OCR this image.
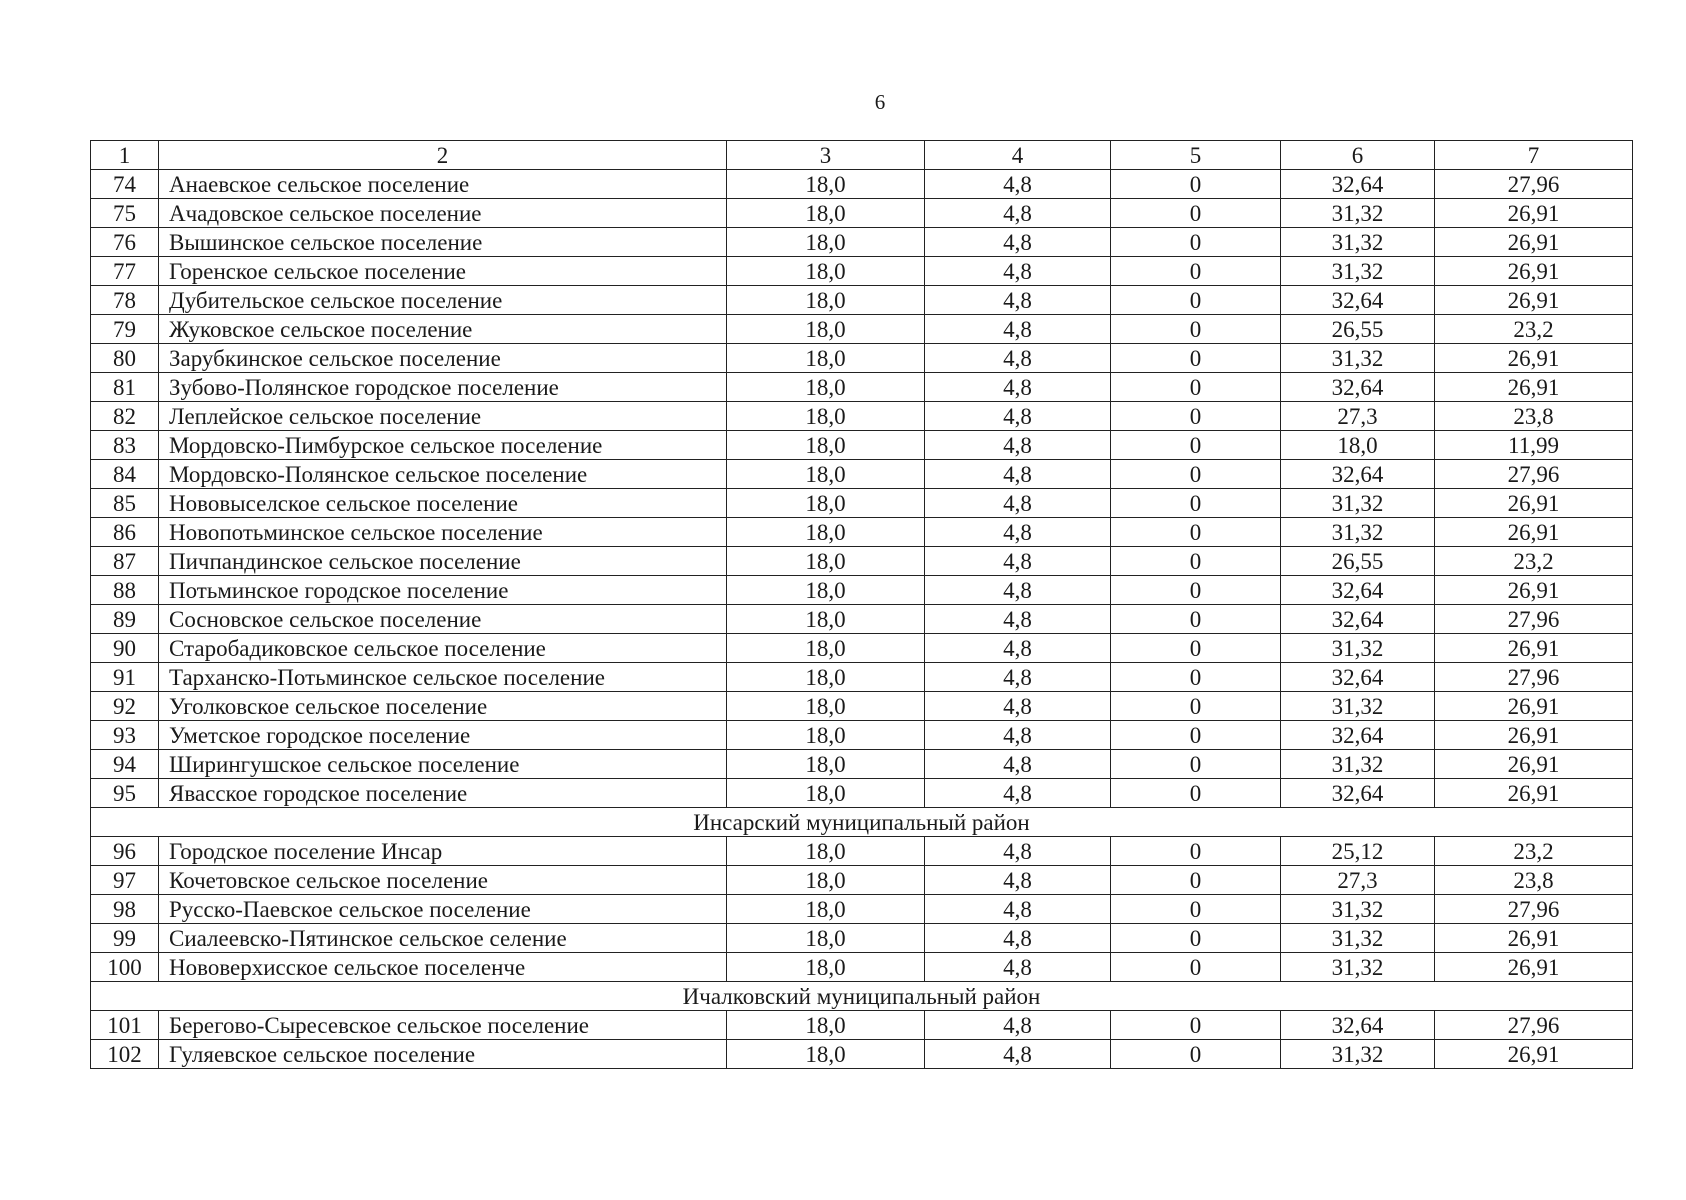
6
1	2	3	4	5	6	7
74	Анаевское сельское поселение	18,0	4,8	0	32,64	27,96
75	Ачадовское сельское поселение	18,0	4,8	0	31,32	26,91
76	Вышинское сельское поселение	18,0	4,8	0	31,32	26,91
77	Горенское сельское поселение	18,0	4,8	0	31,32	26,91
78	Дубительское сельское поселение	18,0	4,8	0	32,64	26,91
79	Жуковское сельское поселение	18,0	4,8	0	26,55	23,2
80	Зарубкинское сельское поселение	18,0	4,8	0	31,32	26,91
81	Зубово-Полянское городское поселение	18,0	4,8	0	32,64	26,91
82	Леплейское сельское поселение	18,0	4,8	0	27,3	23,8
83	Мордовско-Пимбурское сельское поселение	18,0	4,8	0	18,0	11,99
84	Мордовско-Полянское сельское поселение	18,0	4,8	0	32,64	27,96
85	Нововыселское сельское поселение	18,0	4,8	0	31,32	26,91
86	Новопотьминское сельское поселение	18,0	4,8	0	31,32	26,91
87	Пичпандинское сельское поселение	18,0	4,8	0	26,55	23,2
88	Потьминское городское поселение	18,0	4,8	0	32,64	26,91
89	Сосновское сельское поселение	18,0	4,8	0	32,64	27,96
90	Старобадиковское сельское поселение	18,0	4,8	0	31,32	26,91
91	Тарханско-Потьминское сельское поселение	18,0	4,8	0	32,64	27,96
92	Уголковское сельское поселение	18,0	4,8	0	31,32	26,91
93	Уметское городское поселение	18,0	4,8	0	32,64	26,91
94	Ширингушское сельское поселение	18,0	4,8	0	31,32	26,91
95	Явасское городское поселение	18,0	4,8	0	32,64	26,91
Инсарский муниципальный район						
96	Городское поселение Инсар	18,0	4,8	0	25,12	23,2
97	Кочетовское сельское поселение	18,0	4,8	0	27,3	23,8
98	Русско-Паевское сельское поселение	18,0	4,8	0	31,32	27,96
99	Сиалеевско-Пятинское сельское селение	18,0	4,8	0	31,32	26,91
100	Нововерхисское сельское поселенче	18,0	4,8	0	31,32	26,91
Ичалковский муниципальный район						
101	Берегово-Сыресевское сельское поселение	18,0	4,8	0	32,64	27,96
102	Гуляевское сельское поселение	18,0	4,8	0	31,32	26,91
